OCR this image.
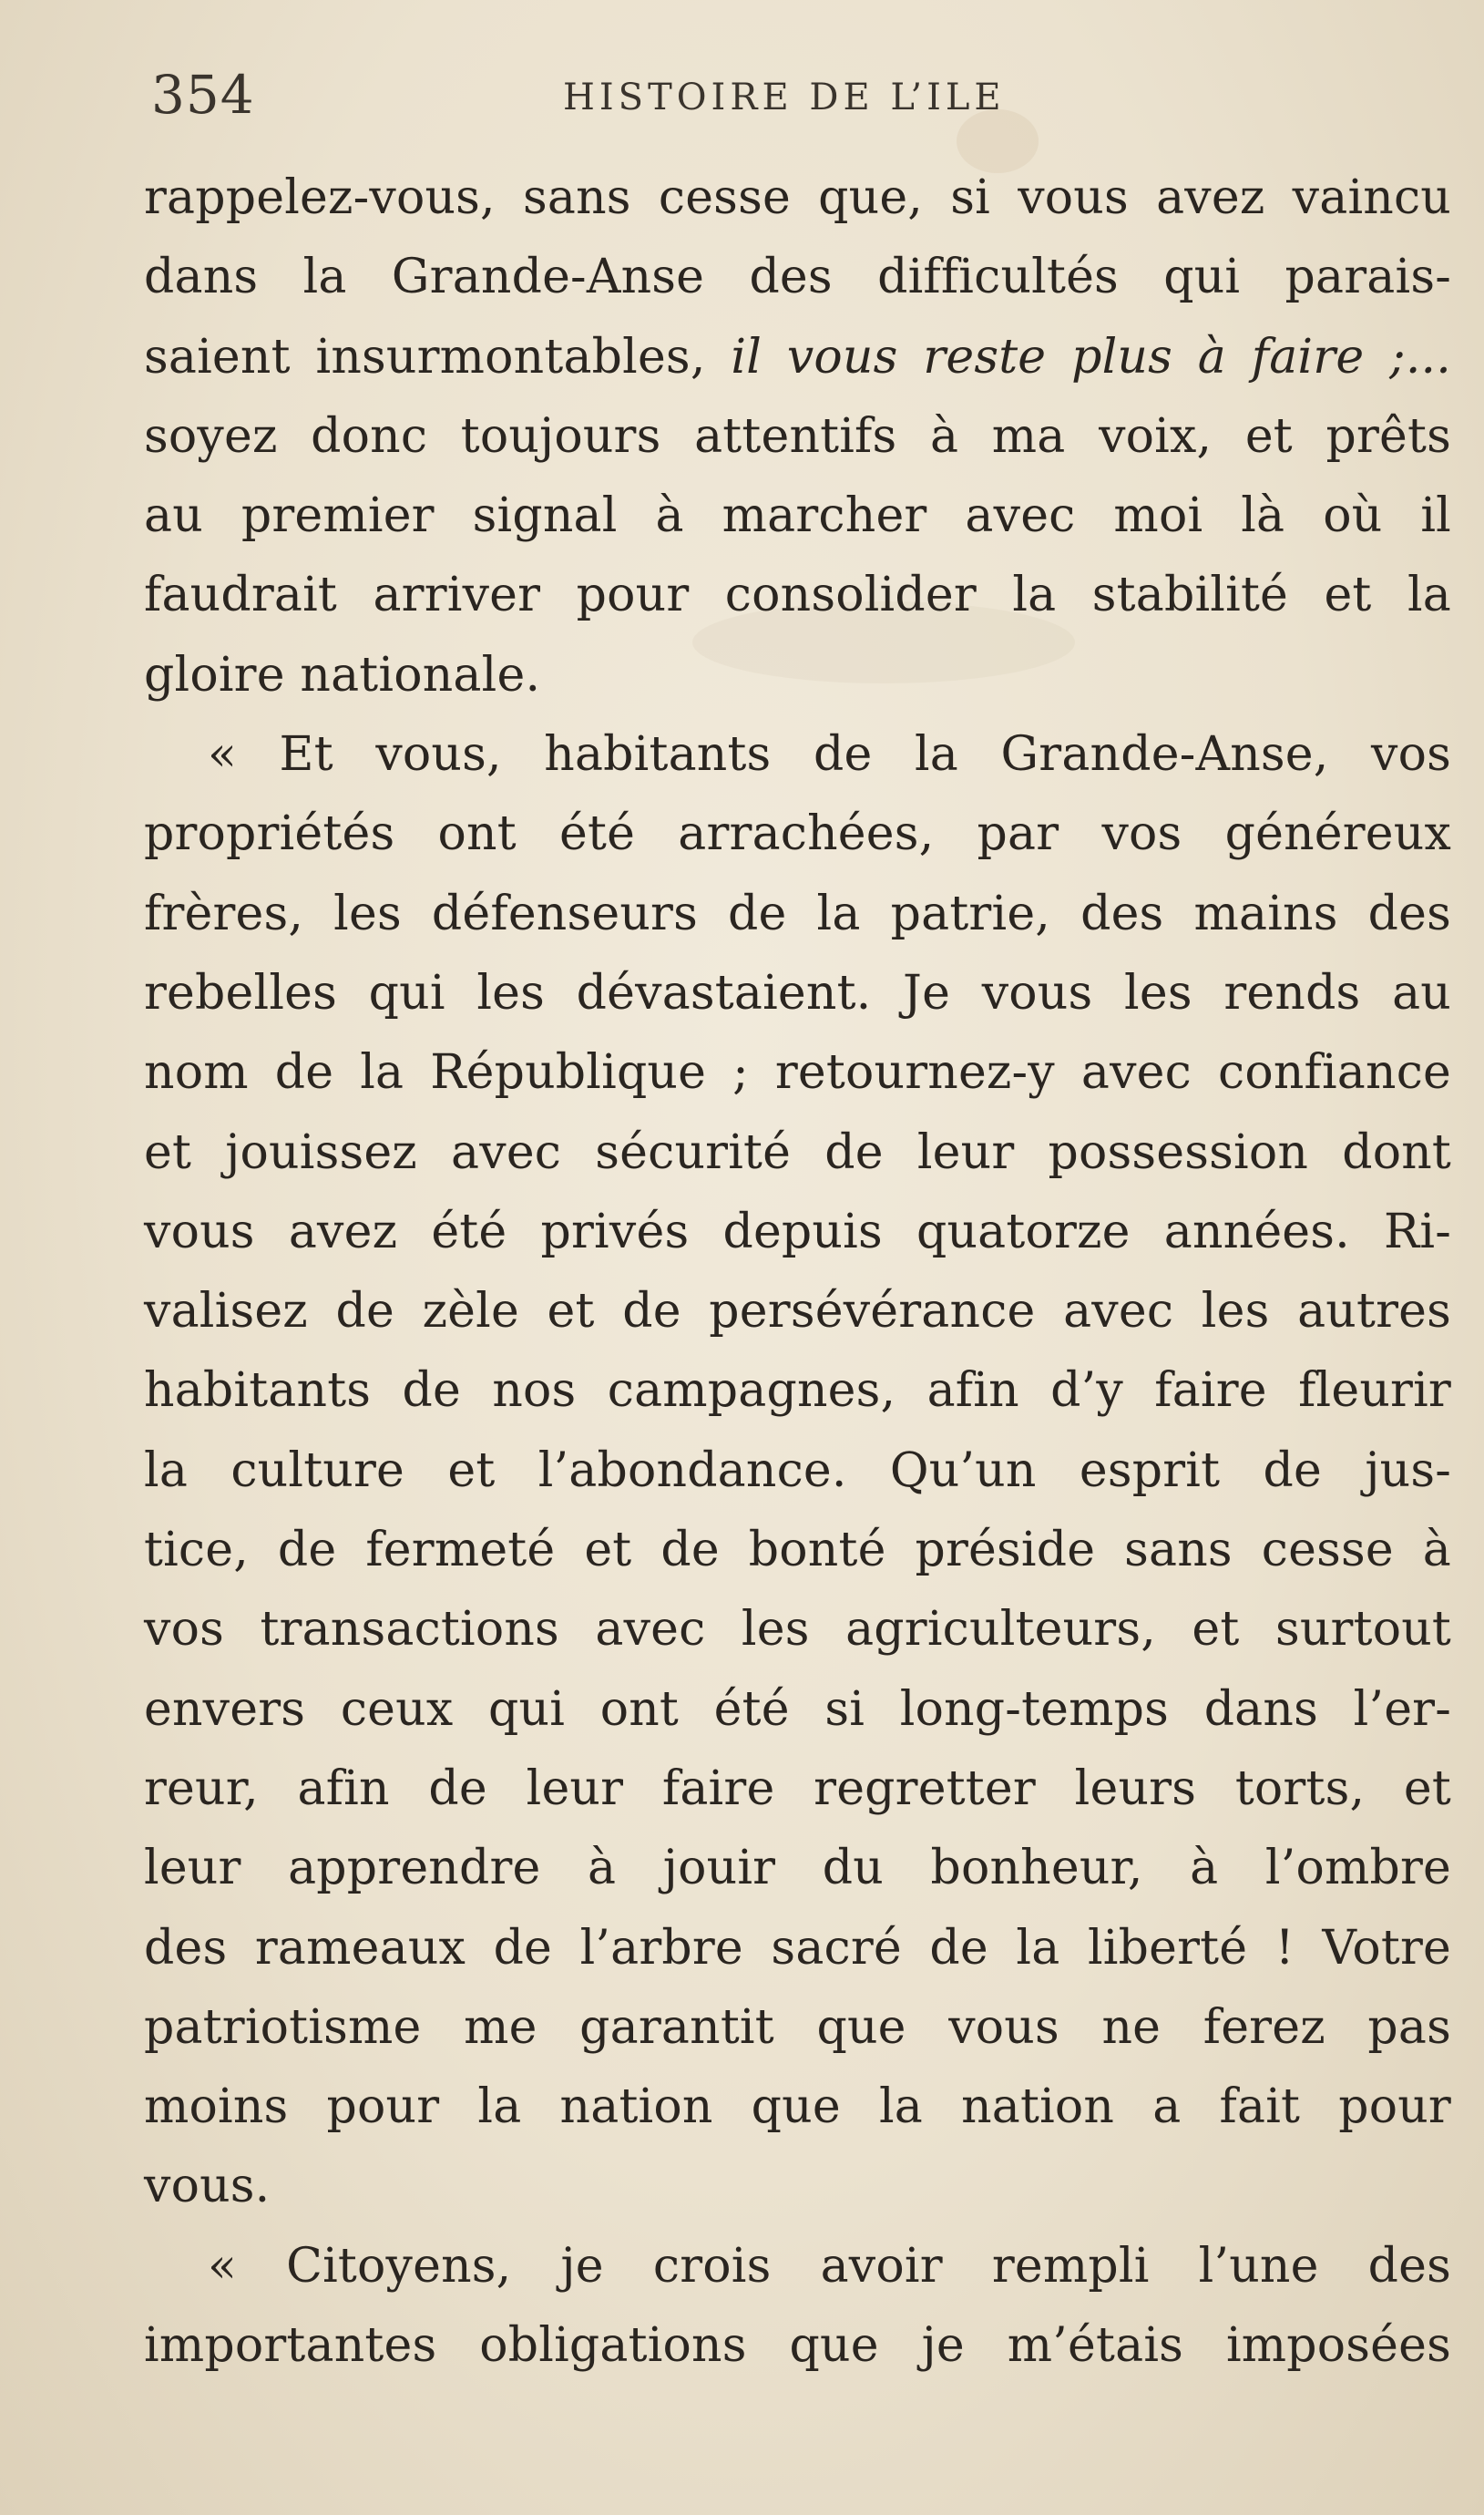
354	HISTOIRE DE L’ILE
rappelez-vous, sans cesse que, si vous avez vaincu
dans la Grande-Anse des difficultés qui parais-
saient insurmontables, il vous reste plus à faire ;...
soyez donc toujours attentifs à ma voix, et prêts
au premier signal à marcher avec moi là où il
faudrait arriver pour consolider la stabilité et la
gloire nationale.
« Et vous, habitants de la Grande-Anse, vos
propriétés ont été arrachées, par vos généreux
frères, les défenseurs de la patrie, des mains des
rebelles qui les dévastaient. Je vous les rends au
nom de la République ; retournez-y avec confiance
et jouissez avec sécurité de leur possession dont
vous avez été privés depuis quatorze années. Ri-
valisez de zèle et de persévérance avec les autres
habitants de nos campagnes, afin d’y faire fleurir
la culture et l’abondance. Qu’un esprit de jus-
tice, de fermeté et de bonté préside sans cesse à
vos transactions avec les agriculteurs, et surtout
envers ceux qui ont été si long-temps dans l’er-
reur, afin de leur faire regretter leurs torts, et
leur apprendre à jouir du bonheur, à l’ombre
des rameaux de l’arbre sacré de la liberté ! Votre
patriotisme me garantit que vous ne ferez pas
moins pour la nation que la nation a fait pour
vous.
« Citoyens, je crois avoir rempli l’une des
importantes obligations que je m’étais imposées
